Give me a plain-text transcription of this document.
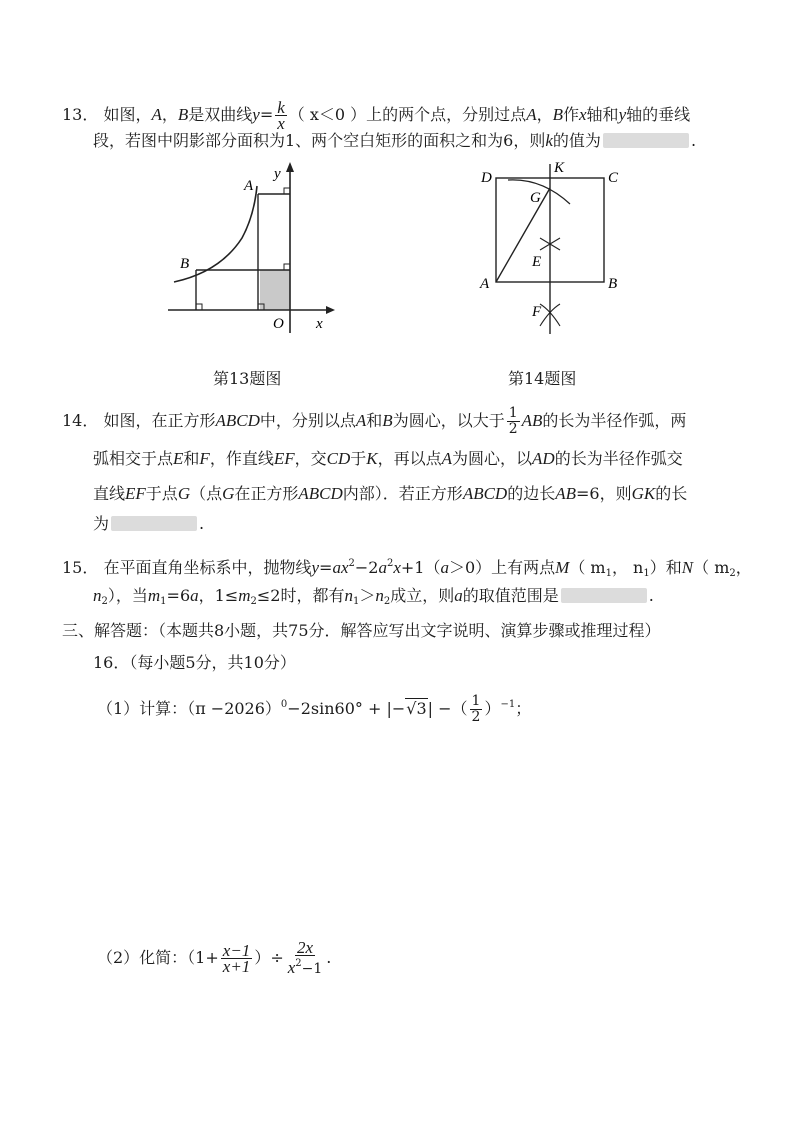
13． 如图，A，B是双曲线$y= \frac{k}{x}$ （ x＜0 ）上的两个点，分别过点A，B作x轴和y轴的垂线
段，若图中阴影部分面积为1、两个空白矩形的面积之和为6，则k的值为	.
A
B
O x
y
第13题图
D
K
C
G
E
A	B
F
第14题图
14． 如图，在正方形ABCD中，分别以点A和B为圆心，以大于 $\frac{1}{2}$ AB的长为半径作弧，两
弧相交于点E和F，作直线EF，交CD于K，再以点A为圆心，以AD的长为半径作弧交
直线EF于点G（点G在正方形ABCD内部）．若正方形ABCD的边长AB=6，则GK的长
为	.
15． 在平面直角坐标系中，抛物线$y=ax^2-2a^2x+1(a>0)$上有两点M（ $m_1$， $n_1$）和N（ $m_2$，
$n_2$），当$m_1=6a$，$1\le m_2\le 2$时，都有$n_1>n_2$成立，则a的取值范围是	.
三、解答题：（本题共8小题，共75分．解答应写出文字说明、演算步骤或推理过程）
16．（每小题5分，共10分）
（1）计算：$(\pi -2026)^0-2\sin 60^\circ + |-√3|$ −（ $\frac{1}{2} )^{-1}$；
（2）化简：（$1+ \frac{x-1}{x+1}$ ）÷ $\frac{2x}{x^2-1}$ .
